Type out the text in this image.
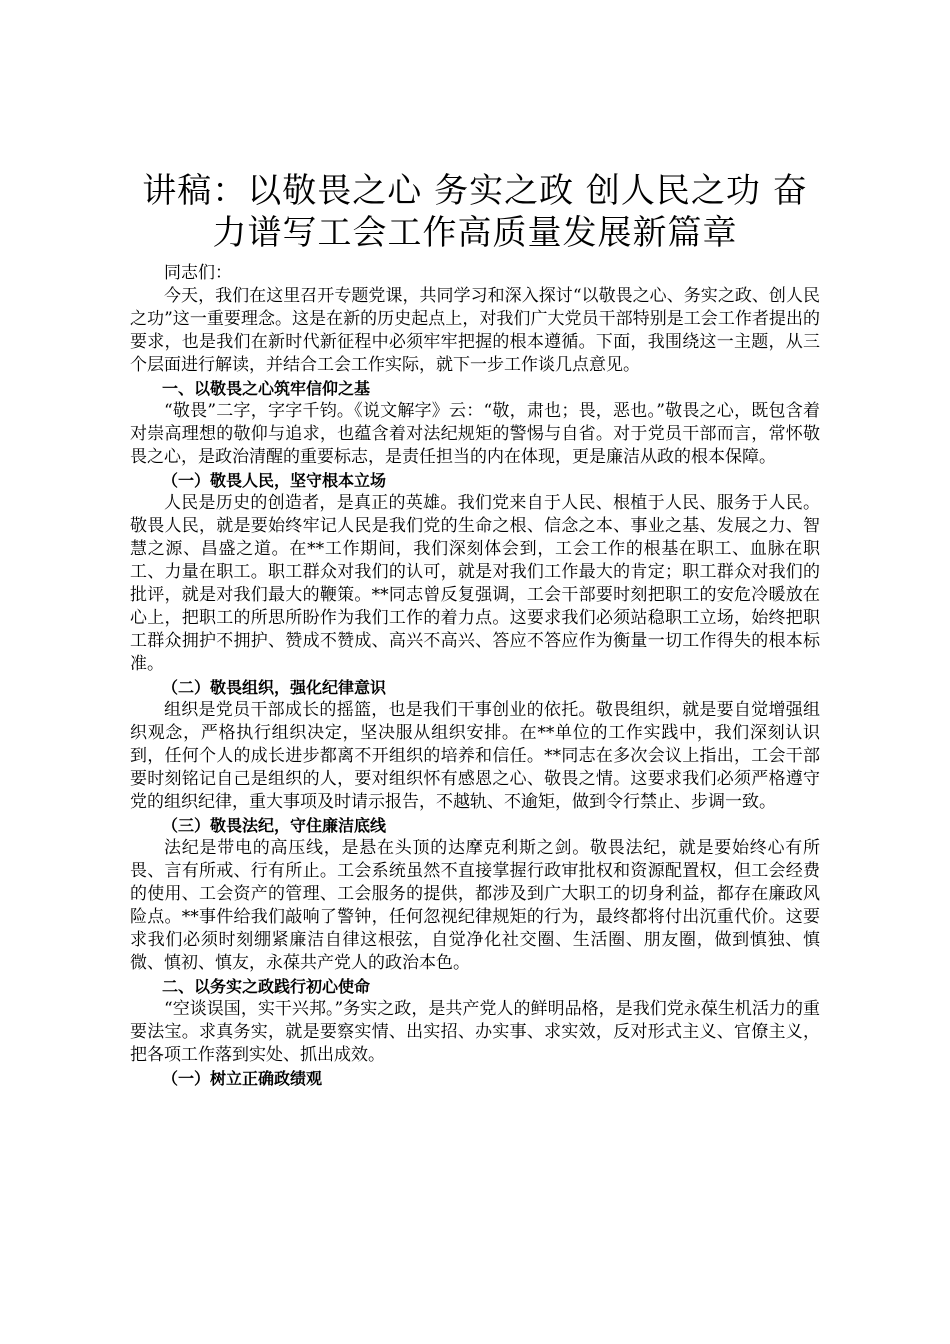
讲稿：以敬畏之心 务实之政 创人民之功 奋力谱写工会工作高质量发展新篇章

同志们：

今天，我们在这里召开专题党课，共同学习和深入探讨“以敬畏之心、务实之政、创人民之功”这一重要理念。这是在新的历史起点上，对我们广大党员干部特别是工会工作者提出的要求，也是我们在新时代新征程中必须牢牢把握的根本遵循。下面，我围绕这一主题，从三个层面进行解读，并结合工会工作实际，就下一步工作谈几点意见。

一、以敬畏之心筑牢信仰之基

“敬畏”二字，字字千钧。《说文解字》云：“敬，肃也；畏，恶也。”敬畏之心，既包含着对崇高理想的敬仰与追求，也蕴含着对法纪规矩的警惕与自省。对于党员干部而言，常怀敬畏之心，是政治清醒的重要标志，是责任担当的内在体现，更是廉洁从政的根本保障。

（一）敬畏人民，坚守根本立场

人民是历史的创造者，是真正的英雄。我们党来自于人民、根植于人民、服务于人民。敬畏人民，就是要始终牢记人民是我们党的生命之根、信念之本、事业之基、发展之力、智慧之源、昌盛之道。在**工作期间，我们深刻体会到，工会工作的根基在职工、血脉在职工、力量在职工。职工群众对我们的认可，就是对我们工作最大的肯定；职工群众对我们的批评，就是对我们最大的鞭策。**同志曾反复强调，工会干部要时刻把职工的安危冷暖放在心上，把职工的所思所盼作为我们工作的着力点。这要求我们必须站稳职工立场，始终把职工群众拥护不拥护、赞成不赞成、高兴不高兴、答应不答应作为衡量一切工作得失的根本标准。

（二）敬畏组织，强化纪律意识

组织是党员干部成长的摇篮，也是我们干事创业的依托。敬畏组织，就是要自觉增强组织观念，严格执行组织决定，坚决服从组织安排。在**单位的工作实践中，我们深刻认识到，任何个人的成长进步都离不开组织的培养和信任。**同志在多次会议上指出，工会干部要时刻铭记自己是组织的人，要对组织怀有感恩之心、敬畏之情。这要求我们必须严格遵守党的组织纪律，重大事项及时请示报告，不越轨、不逾矩，做到令行禁止、步调一致。

（三）敬畏法纪，守住廉洁底线

法纪是带电的高压线，是悬在头顶的达摩克利斯之剑。敬畏法纪，就是要始终心有所畏、言有所戒、行有所止。工会系统虽然不直接掌握行政审批权和资源配置权，但工会经费的使用、工会资产的管理、工会服务的提供，都涉及到广大职工的切身利益，都存在廉政风险点。**事件给我们敲响了警钟，任何忽视纪律规矩的行为，最终都将付出沉重代价。这要求我们必须时刻绷紧廉洁自律这根弦，自觉净化社交圈、生活圈、朋友圈，做到慎独、慎微、慎初、慎友，永葆共产党人的政治本色。

二、以务实之政践行初心使命

“空谈误国，实干兴邦。”务实之政，是共产党人的鲜明品格，是我们党永葆生机活力的重要法宝。求真务实，就是要察实情、出实招、办实事、求实效，反对形式主义、官僚主义，把各项工作落到实处、抓出成效。

（一）树立正确政绩观
